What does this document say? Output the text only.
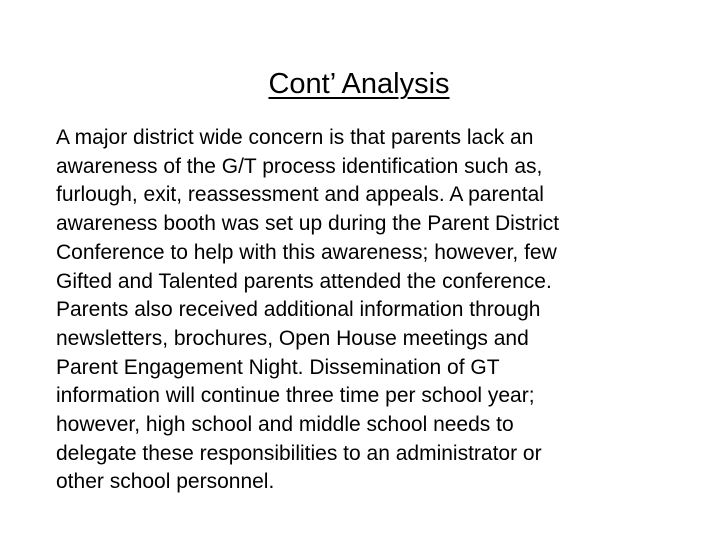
Cont’ Analysis

A major district wide concern is that parents lack an
awareness of the G/T process identification such as,
furlough, exit, reassessment and appeals. A parental
awareness booth was set up during the Parent District
Conference to help with this awareness; however, few
Gifted and Talented parents attended the conference.
Parents also received additional information through
newsletters, brochures, Open House meetings and
Parent Engagement Night. Dissemination of GT
information will continue three time per school year;
however, high school and middle school needs to
delegate these responsibilities to an administrator or
other school personnel.
